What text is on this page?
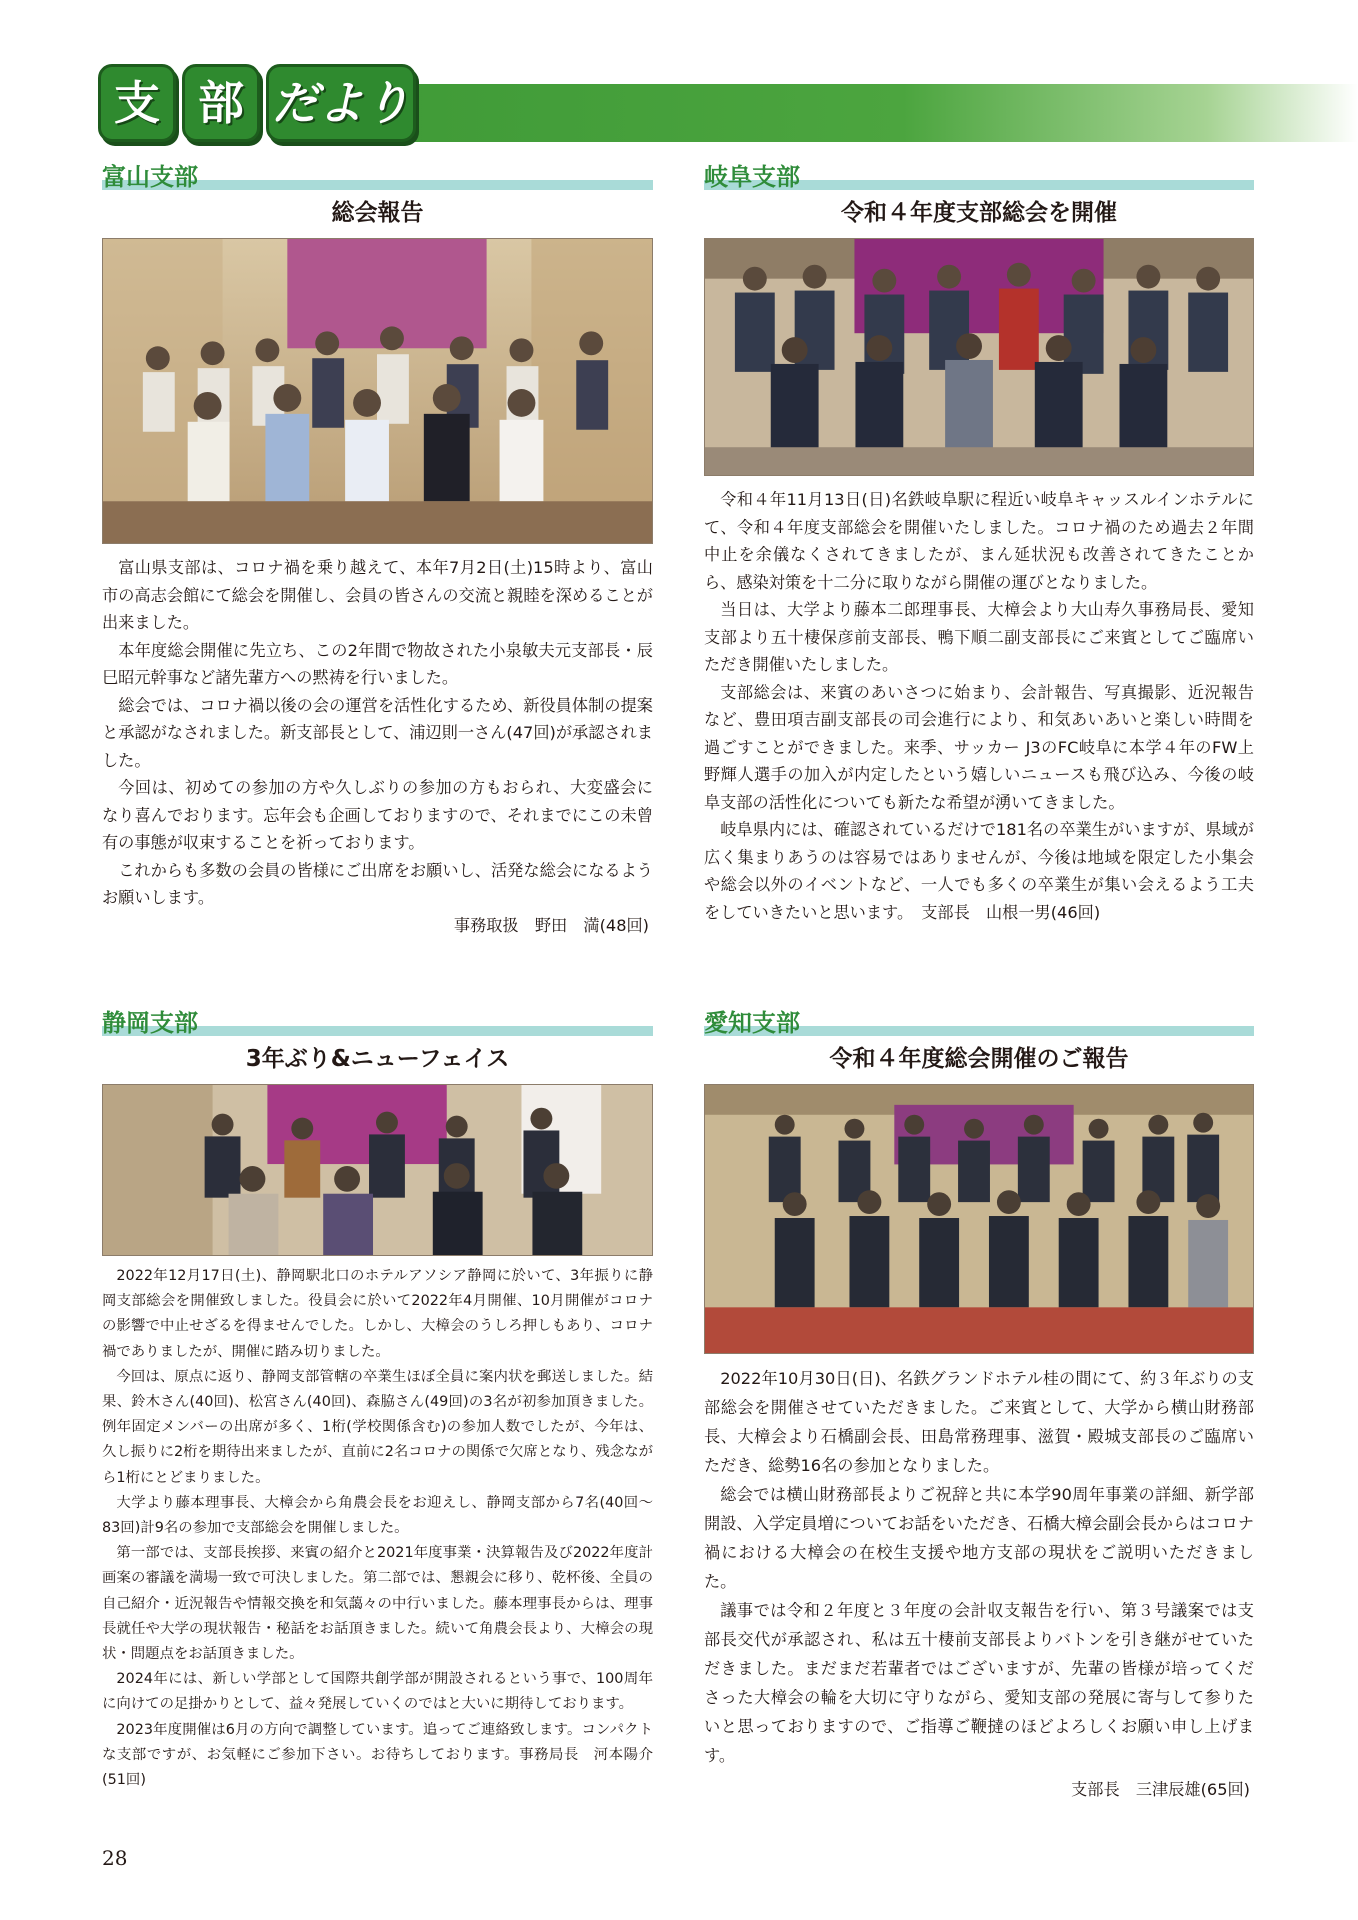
支 部 だより
富山支部
総会報告

富山県支部は、コロナ禍を乗り越えて、本年7月2日(土)15時より、富山市の高志会館にて総会を開催し、会員の皆さんの交流と親睦を深めることが出来ました。

本年度総会開催に先立ち、この2年間で物故された小泉敏夫元支部長・辰巳昭元幹事など諸先輩方への黙祷を行いました。

総会では、コロナ禍以後の会の運営を活性化するため、新役員体制の提案と承認がなされました。新支部長として、浦辺則一さん(47回)が承認されました。

今回は、初めての参加の方や久しぶりの参加の方もおられ、大変盛会になり喜んでおります。忘年会も企画しておりますので、それまでにこの未曾有の事態が収束することを祈っております。

これからも多数の会員の皆様にご出席をお願いし、活発な総会になるようお願いします。

事務取扱　野田　満(48回)
岐阜支部
令和４年度支部総会を開催

令和４年11月13日(日)名鉄岐阜駅に程近い岐阜キャッスルインホテルにて、令和４年度支部総会を開催いたしました。コロナ禍のため過去２年間中止を余儀なくされてきましたが、まん延状況も改善されてきたことから、感染対策を十二分に取りながら開催の運びとなりました。

当日は、大学より藤本二郎理事長、大樟会より大山寿久事務局長、愛知支部より五十棲保彦前支部長、鴨下順二副支部長にご来賓としてご臨席いただき開催いたしました。

支部総会は、来賓のあいさつに始まり、会計報告、写真撮影、近況報告など、豊田項吉副支部長の司会進行により、和気あいあいと楽しい時間を過ごすことができました。来季、サッカー J3のFC岐阜に本学４年のFW上野輝人選手の加入が内定したという嬉しいニュースも飛び込み、今後の岐阜支部の活性化についても新たな希望が湧いてきました。

岐阜県内には、確認されているだけで181名の卒業生がいますが、県域が広く集まりあうのは容易ではありませんが、今後は地域を限定した小集会や総会以外のイベントなど、一人でも多くの卒業生が集い会えるよう工夫をしていきたいと思います。　支部長　山根一男(46回)

静岡支部
3年ぶり&ニューフェイス

2022年12月17日(土)、静岡駅北口のホテルアソシア静岡に於いて、3年振りに静岡支部総会を開催致しました。役員会に於いて2022年4月開催、10月開催がコロナの影響で中止せざるを得ませんでした。しかし、大樟会のうしろ押しもあり、コロナ禍でありましたが、開催に踏み切りました。

今回は、原点に返り、静岡支部管轄の卒業生ほぼ全員に案内状を郵送しました。結果、鈴木さん(40回)、松宮さん(40回)、森脇さん(49回)の3名が初参加頂きました。例年固定メンバーの出席が多く、1桁(学校関係含む)の参加人数でしたが、今年は、久し振りに2桁を期待出来ましたが、直前に2名コロナの関係で欠席となり、残念ながら1桁にとどまりました。

大学より藤本理事長、大樟会から角農会長をお迎えし、静岡支部から7名(40回～ 83回)計9名の参加で支部総会を開催しました。

第一部では、支部長挨拶、来賓の紹介と2021年度事業・決算報告及び2022年度計画案の審議を満場一致で可決しました。第二部では、懇親会に移り、乾杯後、全員の自己紹介・近況報告や情報交換を和気藹々の中行いました。藤本理事長からは、理事長就任や大学の現状報告・秘話をお話頂きました。続いて角農会長より、大樟会の現状・問題点をお話頂きました。

2024年には、新しい学部として国際共創学部が開設されるという事で、100周年に向けての足掛かりとして、益々発展していくのではと大いに期待しております。

2023年度開催は6月の方向で調整しています。追ってご連絡致します。コンパクトな支部ですが、お気軽にご参加下さい。お待ちしております。事務局長　河本陽介(51回)

愛知支部
令和４年度総会開催のご報告

2022年10月30日(日)、名鉄グランドホテル桂の間にて、約３年ぶりの支部総会を開催させていただきました。ご来賓として、大学から横山財務部長、大樟会より石橋副会長、田島常務理事、滋賀・殿城支部長のご臨席いただき、総勢16名の参加となりました。

総会では横山財務部長よりご祝辞と共に本学90周年事業の詳細、新学部開設、入学定員増についてお話をいただき、石橋大樟会副会長からはコロナ禍における大樟会の在校生支援や地方支部の現状をご説明いただきました。

議事では令和２年度と３年度の会計収支報告を行い、第３号議案では支部長交代が承認され、私は五十棲前支部長よりバトンを引き継がせていただきました。まだまだ若輩者ではございますが、先輩の皆様が培ってくださった大樟会の輪を大切に守りながら、愛知支部の発展に寄与して参りたいと思っておりますので、ご指導ご鞭撻のほどよろしくお願い申し上げます。

支部長　三津辰雄(65回)
28
